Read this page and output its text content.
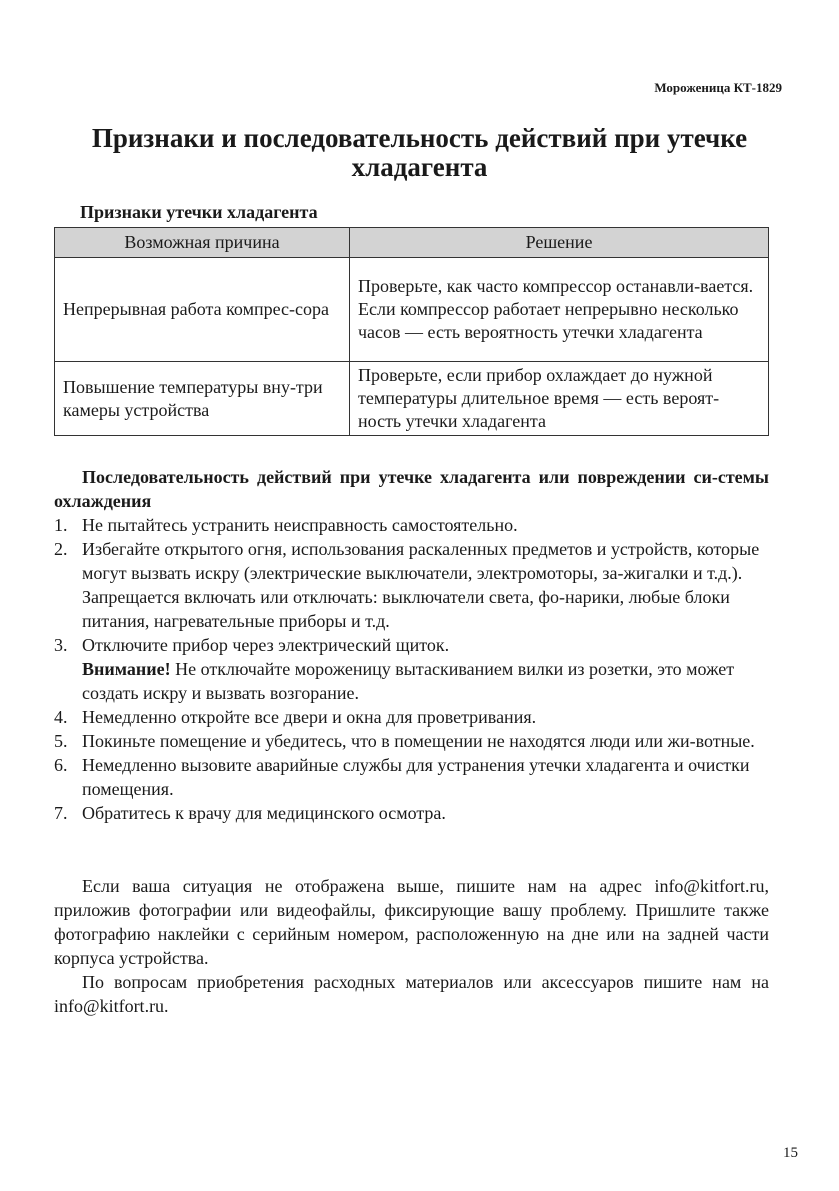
Мороженица КТ-1829
Признаки и последовательность действий при утечке
хладагента
Признаки утечки хладагента
Возможная причина	Решение
Непрерывная работа компрес-сора	Проверьте, как часто компрессор останавли-вается. Если компрессор работает непрерывно несколько часов — есть вероятность утечки хладагента
Повышение температуры вну-три камеры устройства	Проверьте, если прибор охлаждает до нужной температуры длительное время — есть вероят-ность утечки хладагента
Последовательность действий при утечке хладагента или повреждении си-стемы охлаждения
1. Не пытайтесь устранить неисправность самостоятельно.
2. Избегайте открытого огня, использования раскаленных предметов и устройств, которые могут вызвать искру (электрические выключатели, электромоторы, за-жигалки и т.д.). Запрещается включать или отключать: выключатели света, фо-нарики, любые блоки питания, нагревательные приборы и т.д.
3. Отключите прибор через электрический щиток.
Внимание! Не отключайте мороженицу вытаскиванием вилки из розетки, это может создать искру и вызвать возгорание.
4. Немедленно откройте все двери и окна для проветривания.
5. Покиньте помещение и убедитесь, что в помещении не находятся люди или жи-вотные.
6. Немедленно вызовите аварийные службы для устранения утечки хладагента и очистки помещения.
7. Обратитесь к врачу для медицинского осмотра.
Если ваша ситуация не отображена выше, пишите нам на адрес info@kitfort.ru, приложив фотографии или видеофайлы, фиксирующие вашу проблему. Пришлите также фотографию наклейки с серийным номером, расположенную на дне или на задней части корпуса устройства.
По вопросам приобретения расходных материалов или аксессуаров пишите нам на info@kitfort.ru.
15
